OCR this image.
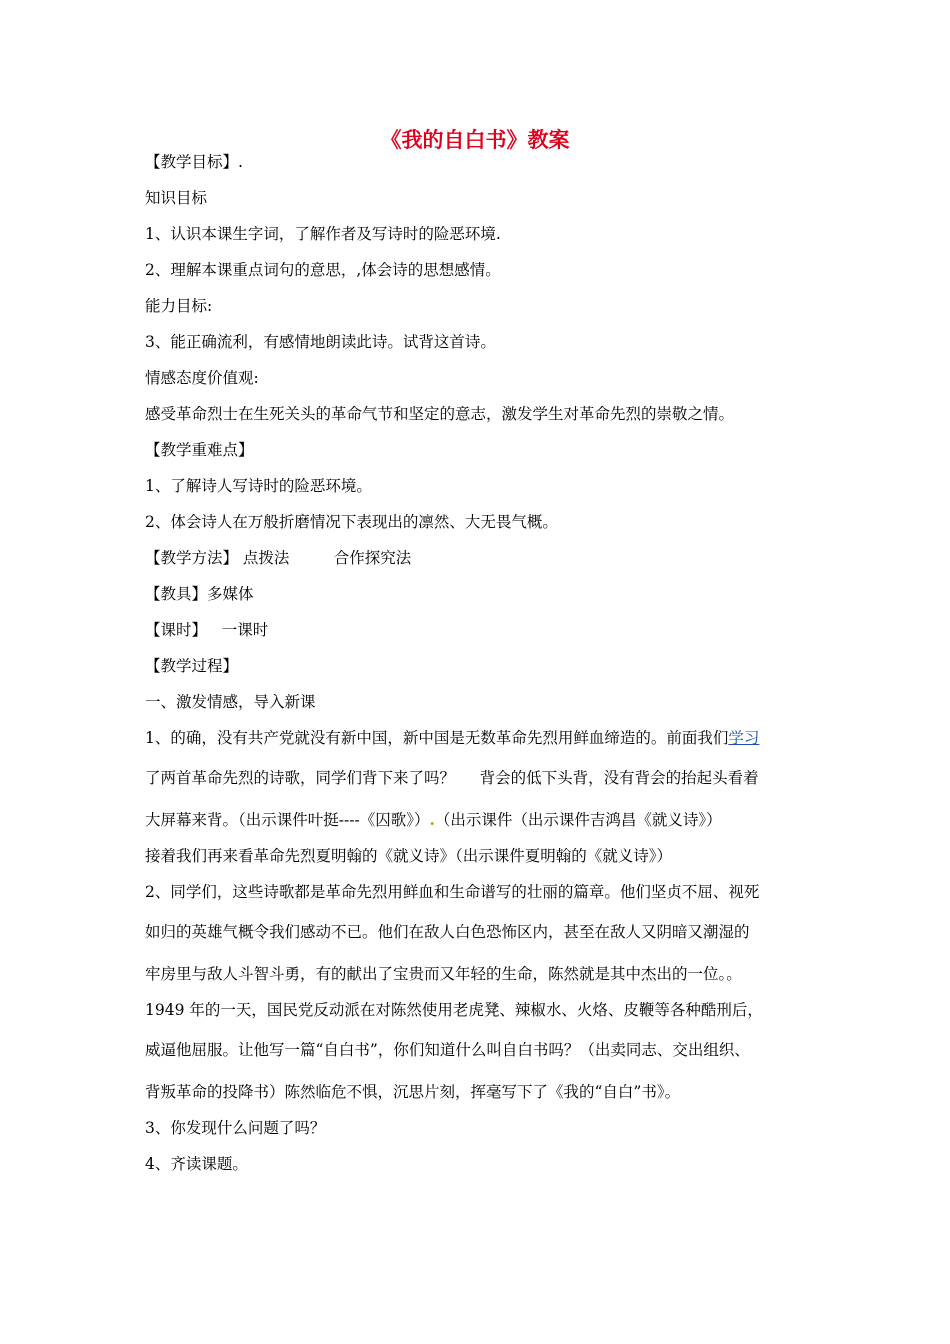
《我的自白书》教案
【教学目标】.
知识目标
1、认识本课生字词，了解作者及写诗时的险恶环境.
2、理解本课重点词句的意思，,体会诗的思想感情。
能力目标:
3、能正确流利，有感情地朗读此诗。试背这首诗。
情感态度价值观:
感受革命烈士在生死关头的革命气节和坚定的意志，激发学生对革命先烈的崇敬之情。
【教学重难点】
1、了解诗人写诗时的险恶环境。
2、体会诗人在万般折磨情况下表现出的凛然、大无畏气概。
【教学方法】 点拨法         合作探究法
【教具】多媒体
【课时】   一课时
【教学过程】
一、激发情感，导入新课
1、的确，没有共产党就没有新中国，新中国是无数革命先烈用鲜血缔造的。前面我们学习
了两首革命先烈的诗歌，同学们背下来了吗？     背会的低下头背，没有背会的抬起头看着
大屏幕来背。（出示课件叶挺----《囚歌》）.（出示课件（出示课件吉鸿昌《就义诗》）
接着我们再来看革命先烈夏明翰的《就义诗》（出示课件夏明翰的《就义诗》）
2、同学们，这些诗歌都是革命先烈用鲜血和生命谱写的壮丽的篇章。他们坚贞不屈、视死
如归的英雄气概令我们感动不已。他们在敌人白色恐怖区内，甚至在敌人又阴暗又潮湿的
牢房里与敌人斗智斗勇，有的献出了宝贵而又年轻的生命，陈然就是其中杰出的一位。。
1949 年的一天，国民党反动派在对陈然使用老虎凳、辣椒水、火烙、皮鞭等各种酷刑后，
威逼他屈服。让他写一篇“自白书”，你们知道什么叫自白书吗？（出卖同志、交出组织、
背叛革命的投降书）陈然临危不惧，沉思片刻，挥毫写下了《我的“自白”书》。
3、你发现什么问题了吗？
4、齐读课题。
